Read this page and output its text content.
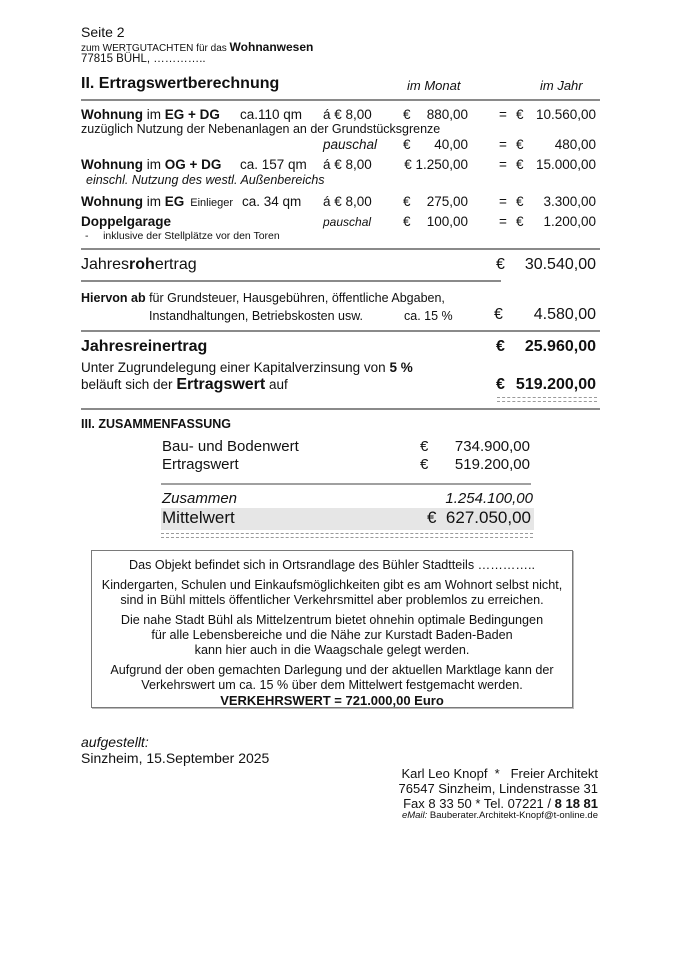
Seite 2
zum WERTGUTACHTEN für das Wohnanwesen
77815 BÜHL, …………..
II. Ertragswertberechnung	im Monat	im Jahr
Wohnung im EG + DG ca.110 qm á € 8,00 €	880,00 = € 10.560,00
zuzüglich Nutzung der Nebenanlagen an der Grundstücksgrenze
pauschal €	40,00 = €	480,00
Wohnung im OG + DG ca. 157 qm á € 8,00	€ 1.250,00 = € 15.000,00
einschl. Nutzung des westl. Außenbereichs
Wohnung im EG Einlieger ca. 34 qm á € 8,00 €	275,00 = €	3.300,00
Doppelgarage	pauschal €	100,00 = €	1.200,00
-     inklusive der Stellplätze vor den Toren
Jahresrohertrag	€	30.540,00
Hiervon ab für Grundsteuer, Hausgebühren, öffentliche Abgaben,
Instandhaltungen, Betriebskosten usw.	ca. 15 %	€	4.580,00
Jahresreinertrag	€	25.960,00
Unter Zugrundelegung einer Kapitalverzinsung von 5 %
beläuft sich der Ertragswert auf	€ 519.200,00
III. ZUSAMMENFASSUNG
Bau- und Bodenwert	€	734.900,00
Ertragswert	€	519.200,00
Zusammen	1.254.100,00
Mittelwert	€  627.050,00

Das Objekt befindet sich in Ortsrandlage des Bühler Stadtteils …………..

Kindergarten, Schulen und Einkaufsmöglichkeiten gibt es am Wohnort selbst nicht,

sind in Bühl mittels öffentlicher Verkehrsmittel aber problemlos zu erreichen.

Die nahe Stadt Bühl als Mittelzentrum bietet ohnehin optimale Bedingungen

für alle Lebensbereiche und die Nähe zur Kurstadt Baden-Baden

kann hier auch in die Waagschale gelegt werden.

Aufgrund der oben gemachten Darlegung und der aktuellen Marktlage kann der

Verkehrswert um ca. 15 % über dem Mittelwert festgemacht werden.

VERKEHRSWERT = 721.000,00 Euro

aufgestellt:
Sinzheim, 15.September 2025
Karl Leo Knopf  *   Freier Architekt
76547 Sinzheim, Lindenstrasse 31
Fax 8 33 50 * Tel. 07221 / 8 18 81
eMail: Bauberater.Architekt-Knopf@t-online.de
